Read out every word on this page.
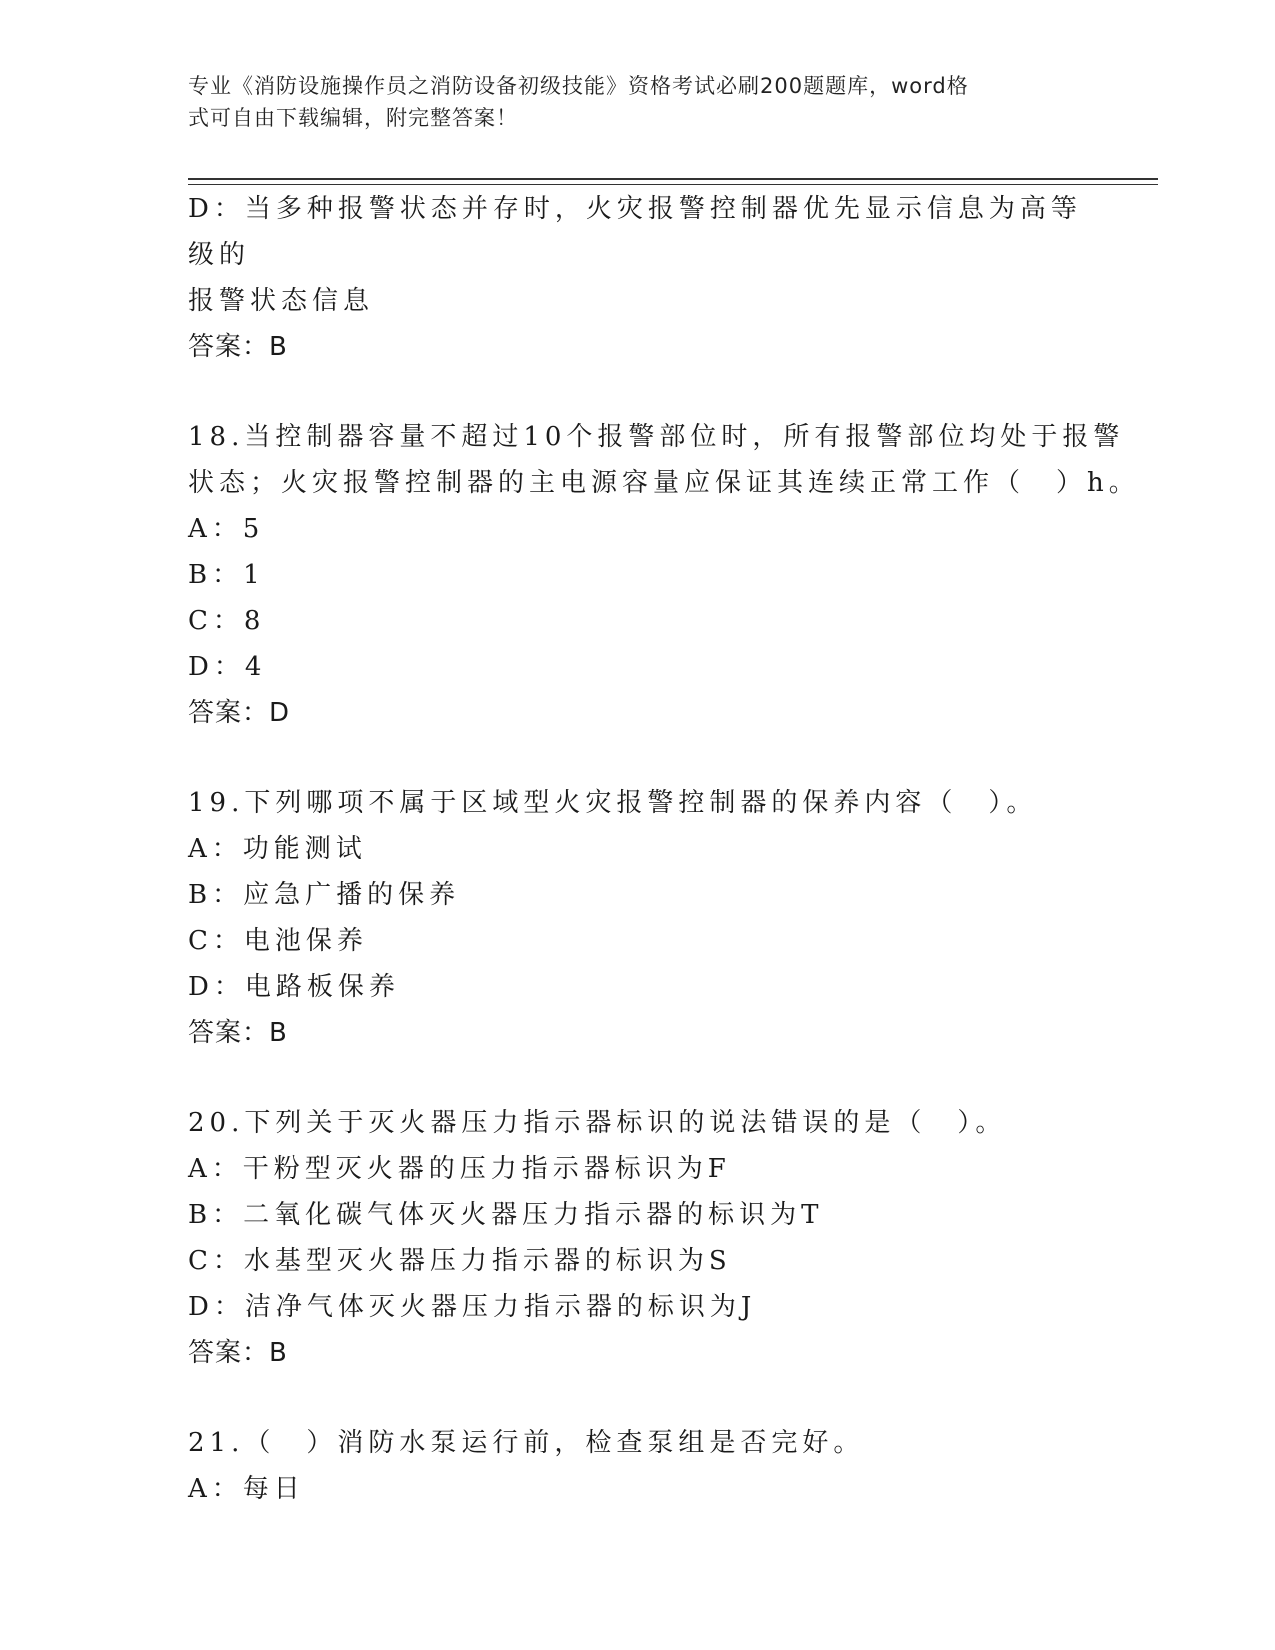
专业《消防设施操作员之消防设备初级技能》资格考试必刷200题题库，word格
式可自由下载编辑，附完整答案！
D：当多种报警状态并存时，火灾报警控制器优先显示信息为高等级的
报警状态信息
答案：B
18.当控制器容量不超过10个报警部位时，所有报警部位均处于报警
状态；火灾报警控制器的主电源容量应保证其连续正常工作（　）h。
A：5
B：1
C：8
D：4
答案：D
19.下列哪项不属于区域型火灾报警控制器的保养内容（　）。
A：功能测试
B：应急广播的保养
C：电池保养
D：电路板保养
答案：B
20.下列关于灭火器压力指示器标识的说法错误的是（　）。
A：干粉型灭火器的压力指示器标识为F
B：二氧化碳气体灭火器压力指示器的标识为T
C：水基型灭火器压力指示器的标识为S
D：洁净气体灭火器压力指示器的标识为J
答案：B
21.（　）消防水泵运行前，检查泵组是否完好。
A：每日
